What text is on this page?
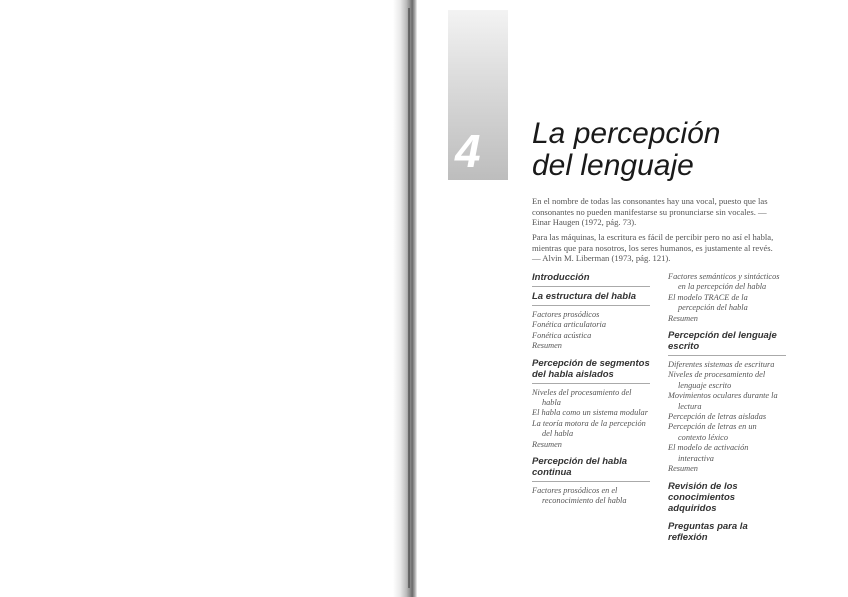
4 La percepción
del lenguaje

En el nombre de todas las consonantes hay una vocal, puesto que las consonantes no pueden manifestarse su pronunciarse sin vocales. — Einar Haugen (1972, pág. 73).

Para las máquinas, la escritura es fácil de percibir pero no así el habla, mientras que para nosotros, los seres humanos, es justamente al revés. — Alvin M. Liberman (1973, pág. 121).

Introducción
La estructura del habla
Factores prosódicos
Fonética articulatoria
Fonética acústica
Resumen
Percepción de segmentos del habla aislados
Niveles del procesamiento del habla
El habla como un sistema modular
La teoría motora de la percepción del habla
Resumen
Percepción del habla continua
Factores prosódicos en el reconocimiento del habla
Factores semánticos y sintácticos en la percepción del habla
El modelo TRACE de la percepción del habla
Resumen
Percepción del lenguaje escrito
Diferentes sistemas de escritura
Niveles de procesamiento del lenguaje escrito
Movimientos oculares durante la lectura
Percepción de letras aisladas
Percepción de letras en un contexto léxico
El modelo de activación interactiva
Resumen
Revisión de los conocimientos adquiridos
Preguntas para la reflexión
